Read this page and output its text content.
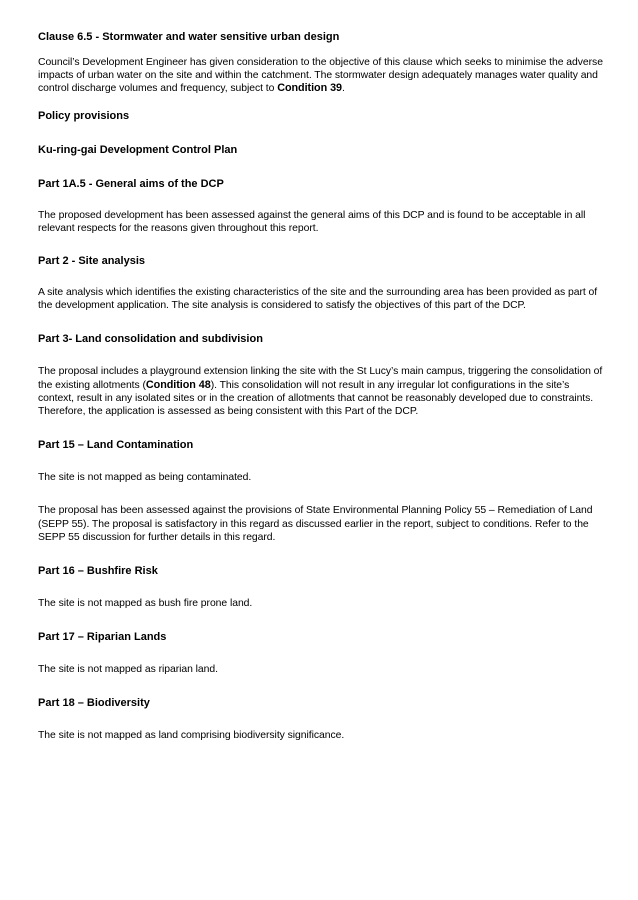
Clause 6.5 - Stormwater and water sensitive urban design

Council’s Development Engineer has given consideration to the objective of this clause which seeks to minimise the adverse impacts of urban water on the site and within the catchment. The stormwater design adequately manages water quality and control discharge volumes and frequency, subject to Condition 39.

Policy provisions
Ku-ring-gai Development Control Plan
Part 1A.5 - General aims of the DCP

The proposed development has been assessed against the general aims of this DCP and is found to be acceptable in all relevant respects for the reasons given throughout this report.

Part 2 - Site analysis

A site analysis which identifies the existing characteristics of the site and the surrounding area has been provided as part of the development application. The site analysis is considered to satisfy the objectives of this part of the DCP.

Part 3- Land consolidation and subdivision

The proposal includes a playground extension linking the site with the St Lucy’s main campus, triggering the consolidation of the existing allotments (Condition 48). This consolidation will not result in any irregular lot configurations in the site’s context, result in any isolated sites or in the creation of allotments that cannot be reasonably developed due to constraints. Therefore, the application is assessed as being consistent with this Part of the DCP.

Part 15 – Land Contamination

The site is not mapped as being contaminated.

The proposal has been assessed against the provisions of State Environmental Planning Policy 55 – Remediation of Land (SEPP 55). The proposal is satisfactory in this regard as discussed earlier in the report, subject to conditions. Refer to the SEPP 55 discussion for further details in this regard.

Part 16 – Bushfire Risk

The site is not mapped as bush fire prone land.

Part 17 – Riparian Lands

The site is not mapped as riparian land.

Part 18 – Biodiversity

The site is not mapped as land comprising biodiversity significance.
